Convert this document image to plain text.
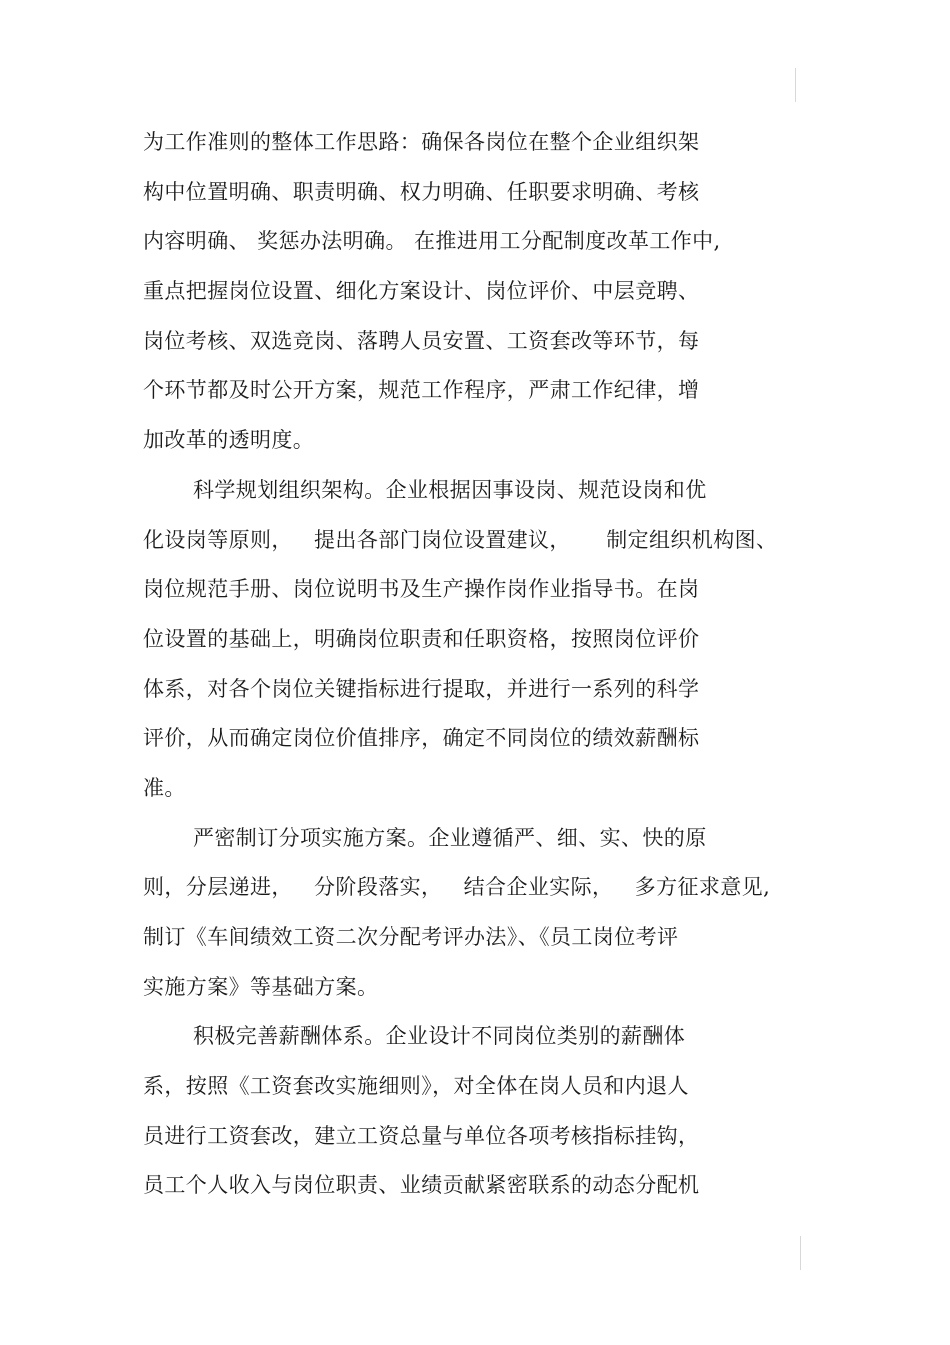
为工作准则的整体工作思路：确保各岗位在整个企业组织架
构中位置明确、职责明确、权力明确、任职要求明确、考核
内容明确、 奖惩办法明确。 在推进用工分配制度改革工作中,
重点把握岗位设置、细化方案设计、岗位评价、中层竞聘、
岗位考核、双选竞岗、落聘人员安置、工资套改等环节，每
个环节都及时公开方案，规范工作程序，严肃工作纪律，增
加改革的透明度。

科学规划组织架构。企业根据因事设岗、规范设岗和优
化设岗等原则，   提出各部门岗位设置建议，     制定组织机构图、
岗位规范手册、岗位说明书及生产操作岗作业指导书。在岗
位设置的基础上，明确岗位职责和任职资格，按照岗位评价
体系，对各个岗位关键指标进行提取，并进行一系列的科学
评价，从而确定岗位价值排序，确定不同岗位的绩效薪酬标
准。

严密制订分项实施方案。企业遵循严、细、实、快的原
则，分层递进，   分阶段落实，   结合企业实际，   多方征求意见,
制订《车间绩效工资二次分配考评办法》、《员工岗位考评
实施方案》等基础方案。

积极完善薪酬体系。企业设计不同岗位类别的薪酬体
系，按照《工资套改实施细则》，对全体在岗人员和内退人
员进行工资套改，建立工资总量与单位各项考核指标挂钩，
员工个人收入与岗位职责、业绩贡献紧密联系的动态分配机
